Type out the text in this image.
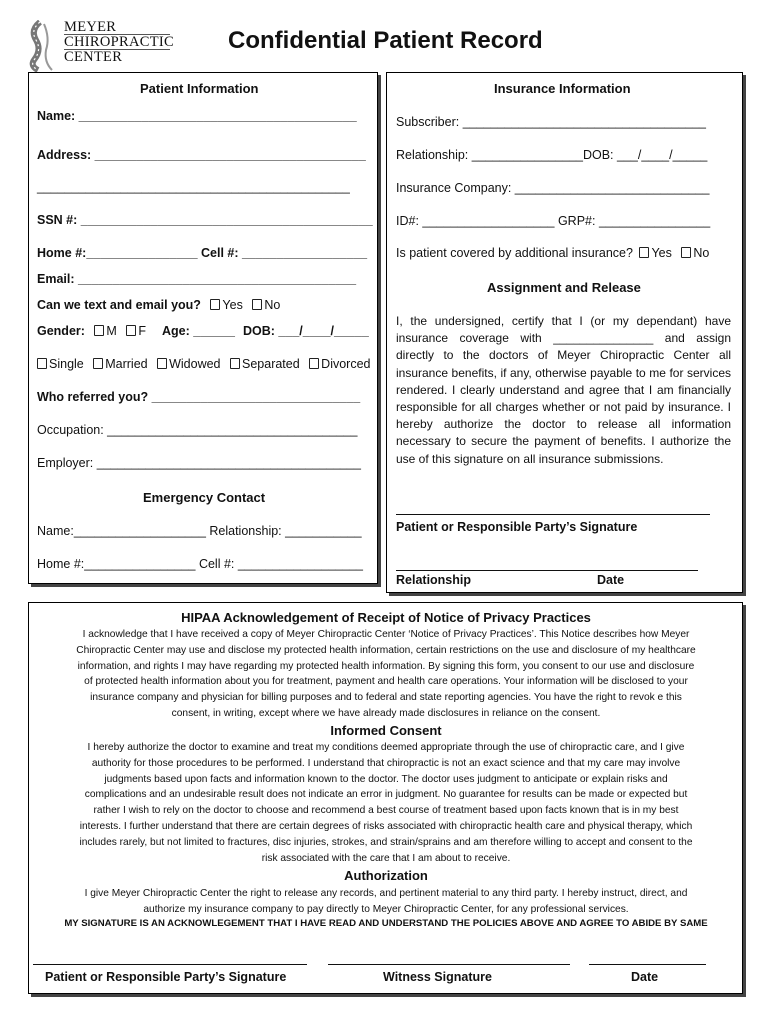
MEYER
CHIROPRACTIC
CENTER
Confidential Patient Record
Patient Information
Name: ________________________________________
Address: _______________________________________
_____________________________________________
SSN #: __________________________________________
Home #:________________ Cell #: __________________
Email: ________________________________________
Can we text and email you? Yes No
Gender: M F Age: ______ DOB: ___/____/_____
Single Married Widowed Separated Divorced
Who referred you? ______________________________
Occupation: ____________________________________
Employer: ______________________________________
Emergency Contact
Name:___________________ Relationship: ___________
Home #:________________ Cell #: __________________
Insurance Information
Subscriber: ___________________________________
Relationship: ________________DOB: ___/____/_____
Insurance Company: ____________________________
ID#: ___________________ GRP#: ________________
Is patient covered by additional insurance? Yes No
Assignment and Release
I, the undersigned, certify that I (or my dependant) have insurance coverage with _______________ and assign directly to the doctors of Meyer Chiropractic Center all insurance benefits, if any, otherwise payable to me for services rendered. I clearly understand and agree that I am financially responsible for all charges whether or not paid by insurance. I hereby authorize the doctor to release all information necessary to secure the payment of benefits. I authorize the use of this signature on all insurance submissions.
Patient or Responsible Party’s Signature
Relationship	Date
HIPAA Acknowledgement of Receipt of Notice of Privacy Practices

I acknowledge that I have received a copy of Meyer Chiropractic Center ‘Notice of Privacy Practices’. This Notice describes how Meyer

Chiropractic Center may use and disclose my protected health information, certain restrictions on the use and disclosure of my healthcare

information, and rights I may have regarding my protected health information. By signing this form, you consent to our use and disclosure

of protected health information about you for treatment, payment and health care operations. Your information will be disclosed to your

insurance company and physician for billing purposes and to federal and state reporting agencies. You have the right to revok e this

consent, in writing, except where we have already made disclosures in reliance on the consent.

Informed Consent

I hereby authorize the doctor to examine and treat my conditions deemed appropriate through the use of chiropractic care, and I give

authority for those procedures to be performed. I understand that chiropractic is not an exact science and that my care may involve

judgments based upon facts and information known to the doctor. The doctor uses judgment to anticipate or explain risks and

complications and an undesirable result does not indicate an error in judgment. No guarantee for results can be made or expected but

rather I wish to rely on the doctor to choose and recommend a best course of treatment based upon facts known that is in my best

interests. I further understand that there are certain degrees of risks associated with chiropractic health care and physical therapy, which

includes rarely, but not limited to fractures, disc injuries, strokes, and strain/sprains and am therefore willing to accept and consent to the

risk associated with the care that I am about to receive.

Authorization

I give Meyer Chiropractic Center the right to release any records, and pertinent material to any third party. I hereby instruct, direct, and

authorize my insurance company to pay directly to Meyer Chiropractic Center, for any professional services.

MY SIGNATURE IS AN ACKNOWLEGEMENT THAT I HAVE READ AND UNDERSTAND THE POLICIES ABOVE AND AGREE TO ABIDE BY SAME
Patient or Responsible Party’s Signature	Witness Signature	Date
